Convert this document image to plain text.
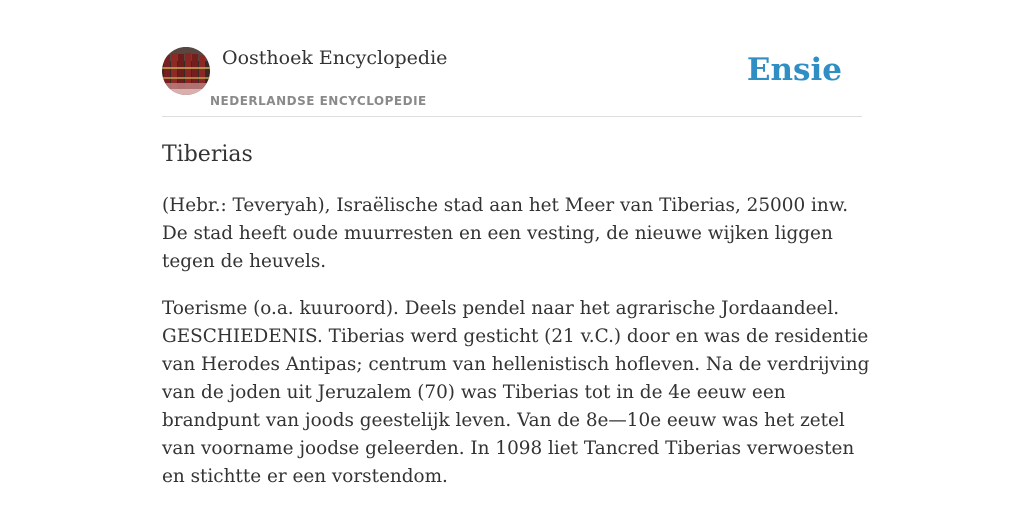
Oosthoek Encyclopedie
NEDERLANDSE ENCYCLOPEDIE
Ensie
Tiberias

(Hebr.: Teveryah), Israëlische stad aan het Meer van Tiberias, 25000 inw. De stad heeft oude muurresten en een vesting, de nieuwe wijken liggen tegen de heuvels.

Toerisme (o.a. kuuroord). Deels pendel naar het agrarische Jordaandeel. GESCHIEDENIS. Tiberias werd gesticht (21 v.C.) door en was de residentie van Herodes Antipas; centrum van hellenistisch hofleven. Na de verdrijving van de joden uit Jeruzalem (70) was Tiberias tot in de 4e eeuw een brandpunt van joods geestelijk leven. Van de 8e—10e eeuw was het zetel van voorname joodse geleerden. In 1098 liet Tancred Tiberias verwoesten en stichtte er een vorstendom.
